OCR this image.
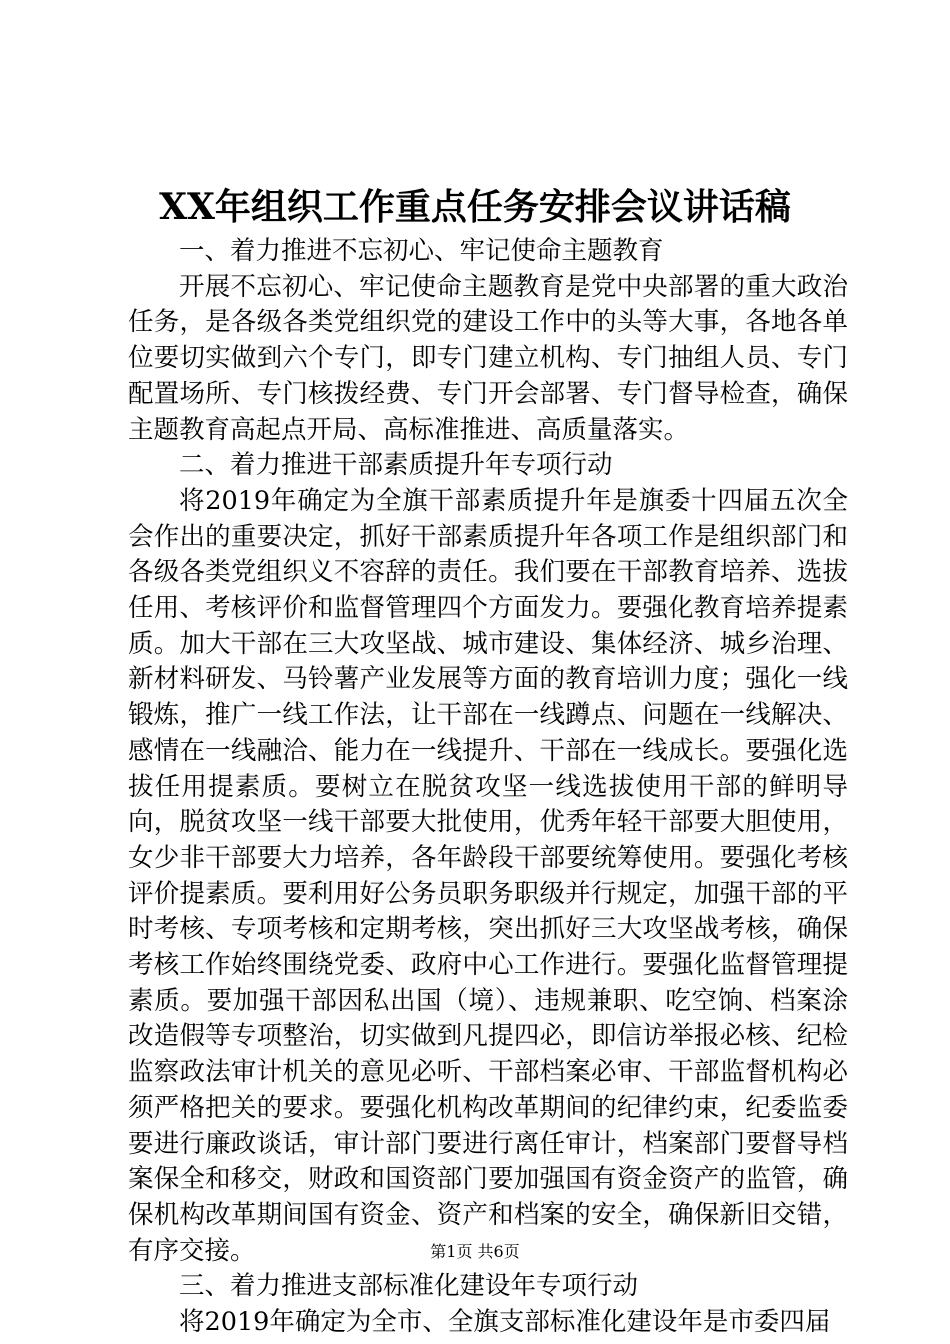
XX年组织工作重点任务安排会议讲话稿

一、着力推进不忘初心、牢记使命主题教育

开展不忘初心、牢记使命主题教育是党中央部署的重大政治任务，是各级各类党组织党的建设工作中的头等大事，各地各单位要切实做到六个专门，即专门建立机构、专门抽组人员、专门配置场所、专门核拨经费、专门开会部署、专门督导检查，确保主题教育高起点开局、高标准推进、高质量落实。

二、着力推进干部素质提升年专项行动

将2019年确定为全旗干部素质提升年是旗委十四届五次全会作出的重要决定，抓好干部素质提升年各项工作是组织部门和各级各类党组织义不容辞的责任。我们要在干部教育培养、选拔任用、考核评价和监督管理四个方面发力。要强化教育培养提素质。加大干部在三大攻坚战、城市建设、集体经济、城乡治理、新材料研发、马铃薯产业发展等方面的教育培训力度；强化一线锻炼，推广一线工作法，让干部在一线蹲点、问题在一线解决、感情在一线融洽、能力在一线提升、干部在一线成长。要强化选拔任用提素质。要树立在脱贫攻坚一线选拔使用干部的鲜明导向，脱贫攻坚一线干部要大批使用，优秀年轻干部要大胆使用，女少非干部要大力培养，各年龄段干部要统筹使用。要强化考核评价提素质。要利用好公务员职务职级并行规定，加强干部的平时考核、专项考核和定期考核，突出抓好三大攻坚战考核，确保考核工作始终围绕党委、政府中心工作进行。要强化监督管理提素质。要加强干部因私出国（境）、违规兼职、吃空饷、档案涂改造假等专项整治，切实做到凡提四必，即信访举报必核、纪检监察政法审计机关的意见必听、干部档案必审、干部监督机构必须严格把关的要求。要强化机构改革期间的纪律约束，纪委监委要进行廉政谈话，审计部门要进行离任审计，档案部门要督导档案保全和移交，财政和国资部门要加强国有资金资产的监管，确保机构改革期间国有资金、资产和档案的安全，确保新旧交错，有序交接。

三、着力推进支部标准化建设年专项行动

将2019年确定为全市、全旗支部标准化建设年是市委四届

第1页 共6页
